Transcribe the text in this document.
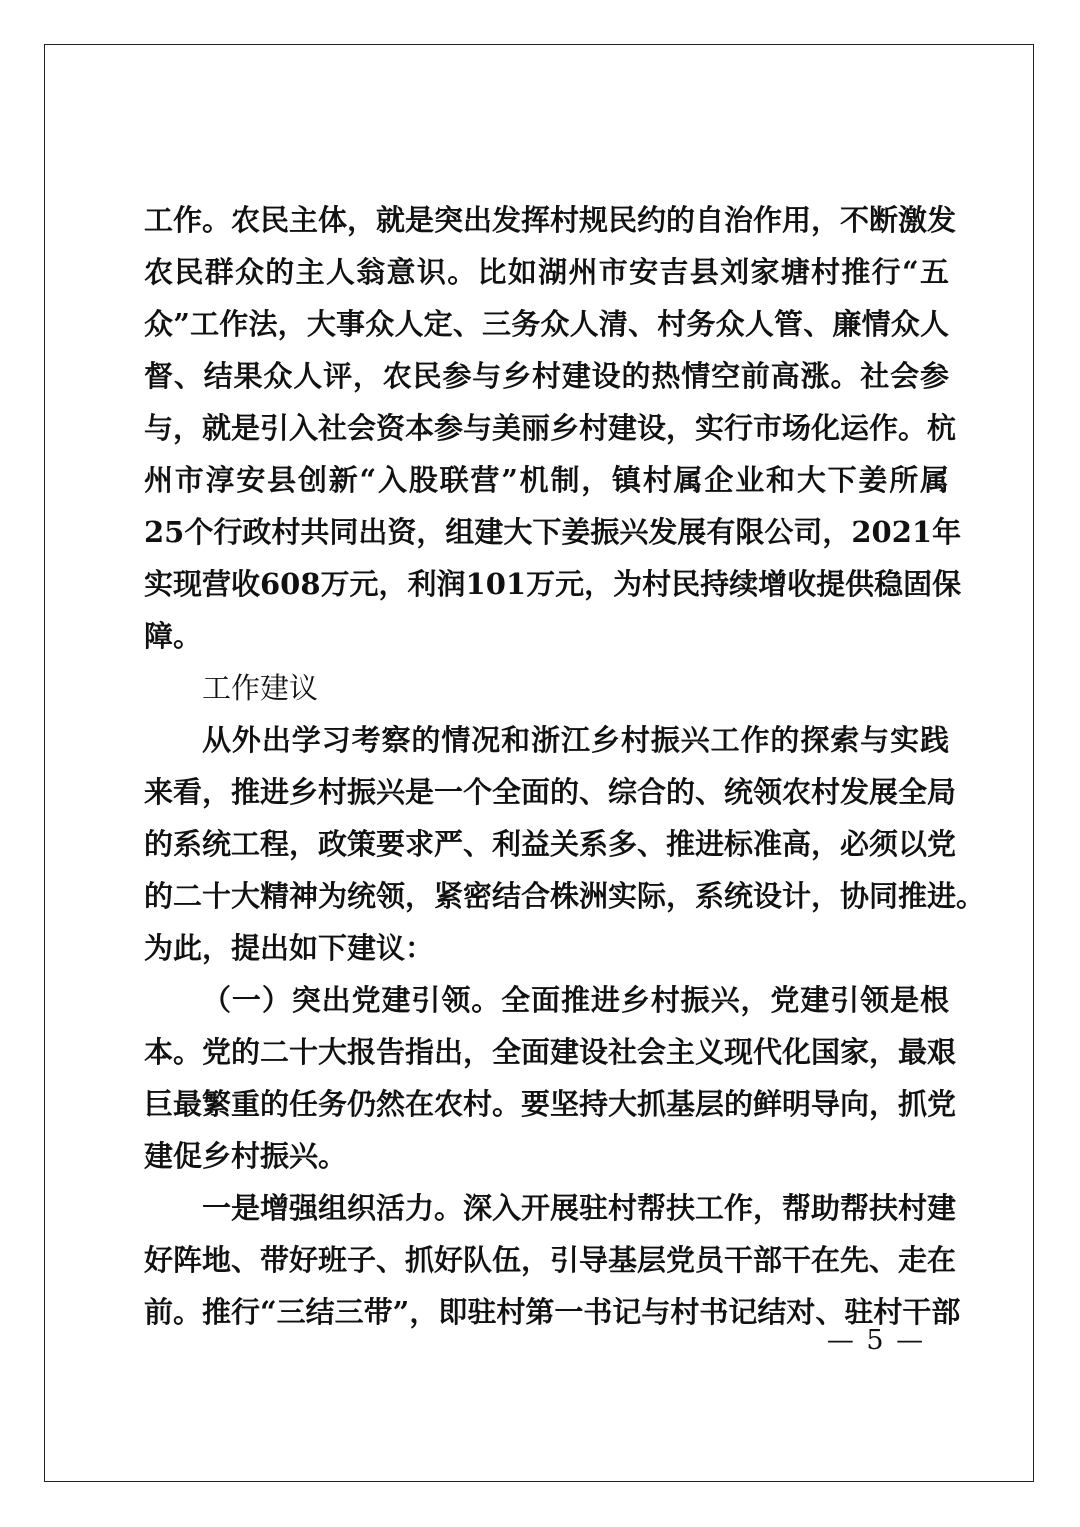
工作。农民主体，就是突出发挥村规民约的自治作用，不断激发
农民群众的主人翁意识。比如湖州市安吉县刘家塘村推行“五
众”工作法，大事众人定、三务众人清、村务众人管、廉情众人
督、结果众人评，农民参与乡村建设的热情空前高涨。社会参
与，就是引入社会资本参与美丽乡村建设，实行市场化运作。杭
州市淳安县创新“入股联营”机制，镇村属企业和大下姜所属
25个行政村共同出资，组建大下姜振兴发展有限公司，2021年
实现营收608万元，利润101万元，为村民持续增收提供稳固保
障。
工作建议
从外出学习考察的情况和浙江乡村振兴工作的探索与实践
来看，推进乡村振兴是一个全面的、综合的、统领农村发展全局
的系统工程，政策要求严、利益关系多、推进标准高，必须以党
的二十大精神为统领，紧密结合株洲实际，系统设计，协同推进。
为此，提出如下建议：
（一）突出党建引领。全面推进乡村振兴，党建引领是根
本。党的二十大报告指出，全面建设社会主义现代化国家，最艰
巨最繁重的任务仍然在农村。要坚持大抓基层的鲜明导向，抓党
建促乡村振兴。
一是增强组织活力。深入开展驻村帮扶工作，帮助帮扶村建
好阵地、带好班子、抓好队伍，引导基层党员干部干在先、走在
前。推行“三结三带”，即驻村第一书记与村书记结对、驻村干部
— 5 —
